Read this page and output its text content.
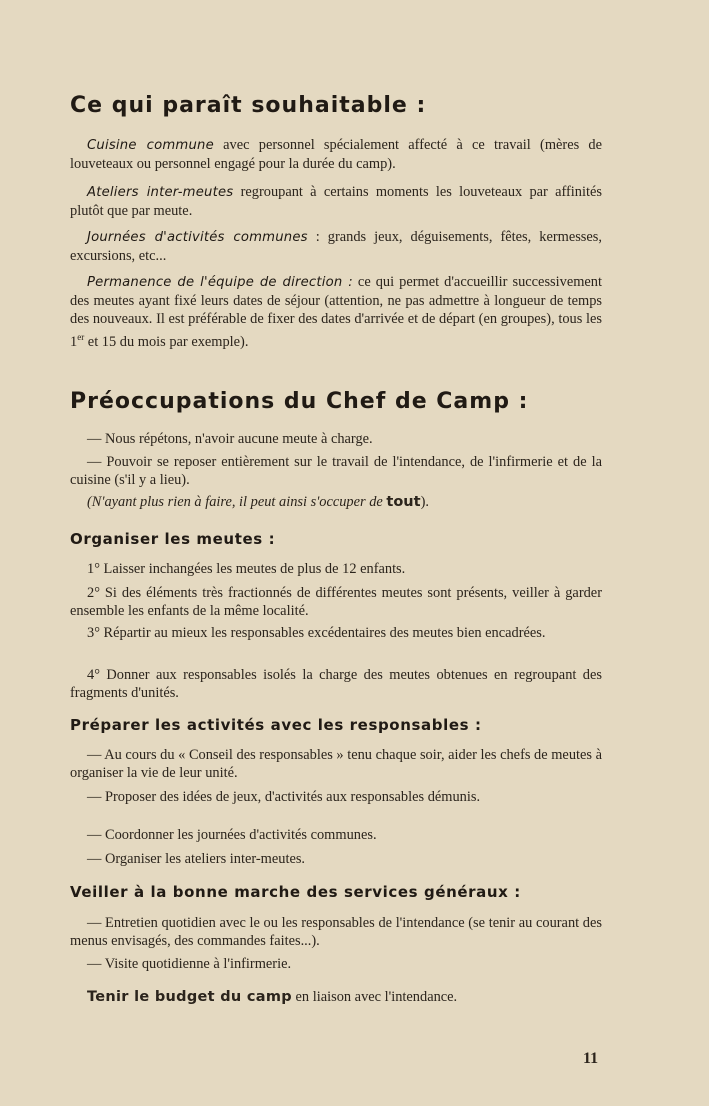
Ce qui paraît souhaitable :
Cuisine commune avec personnel spécialement affecté à ce travail (mères de louveteaux ou personnel engagé pour la durée du camp).
Ateliers inter-meutes regroupant à certains moments les louveteaux par affinités plutôt que par meute.
Journées d'activités communes : grands jeux, déguisements, fêtes, kermesses, excursions, etc...
Permanence de l'équipe de direction : ce qui permet d'accueillir successivement des meutes ayant fixé leurs dates de séjour (attention, ne pas admettre à longueur de temps des nouveaux. Il est préférable de fixer des dates d'arrivée et de départ (en groupes), tous les 1er et 15 du mois par exemple).
Préoccupations du Chef de Camp :
— Nous répétons, n'avoir aucune meute à charge.
— Pouvoir se reposer entièrement sur le travail de l'intendance, de l'infirmerie et de la cuisine (s'il y a lieu).
(N'ayant plus rien à faire, il peut ainsi s'occuper de tout).
Organiser les meutes :
1° Laisser inchangées les meutes de plus de 12 enfants.
2° Si des éléments très fractionnés de différentes meutes sont présents, veiller à garder ensemble les enfants de la même localité.
3° Répartir au mieux les responsables excédentaires des meutes bien encadrées.
4° Donner aux responsables isolés la charge des meutes obtenues en regroupant des fragments d'unités.
Préparer les activités avec les responsables :
— Au cours du « Conseil des responsables » tenu chaque soir, aider les chefs de meutes à organiser la vie de leur unité.
— Proposer des idées de jeux, d'activités aux responsables démunis.
— Coordonner les journées d'activités communes.
— Organiser les ateliers inter-meutes.
Veiller à la bonne marche des services généraux :
— Entretien quotidien avec le ou les responsables de l'intendance (se tenir au courant des menus envisagés, des commandes faites...).
— Visite quotidienne à l'infirmerie.
Tenir le budget du camp en liaison avec l'intendance.
11
